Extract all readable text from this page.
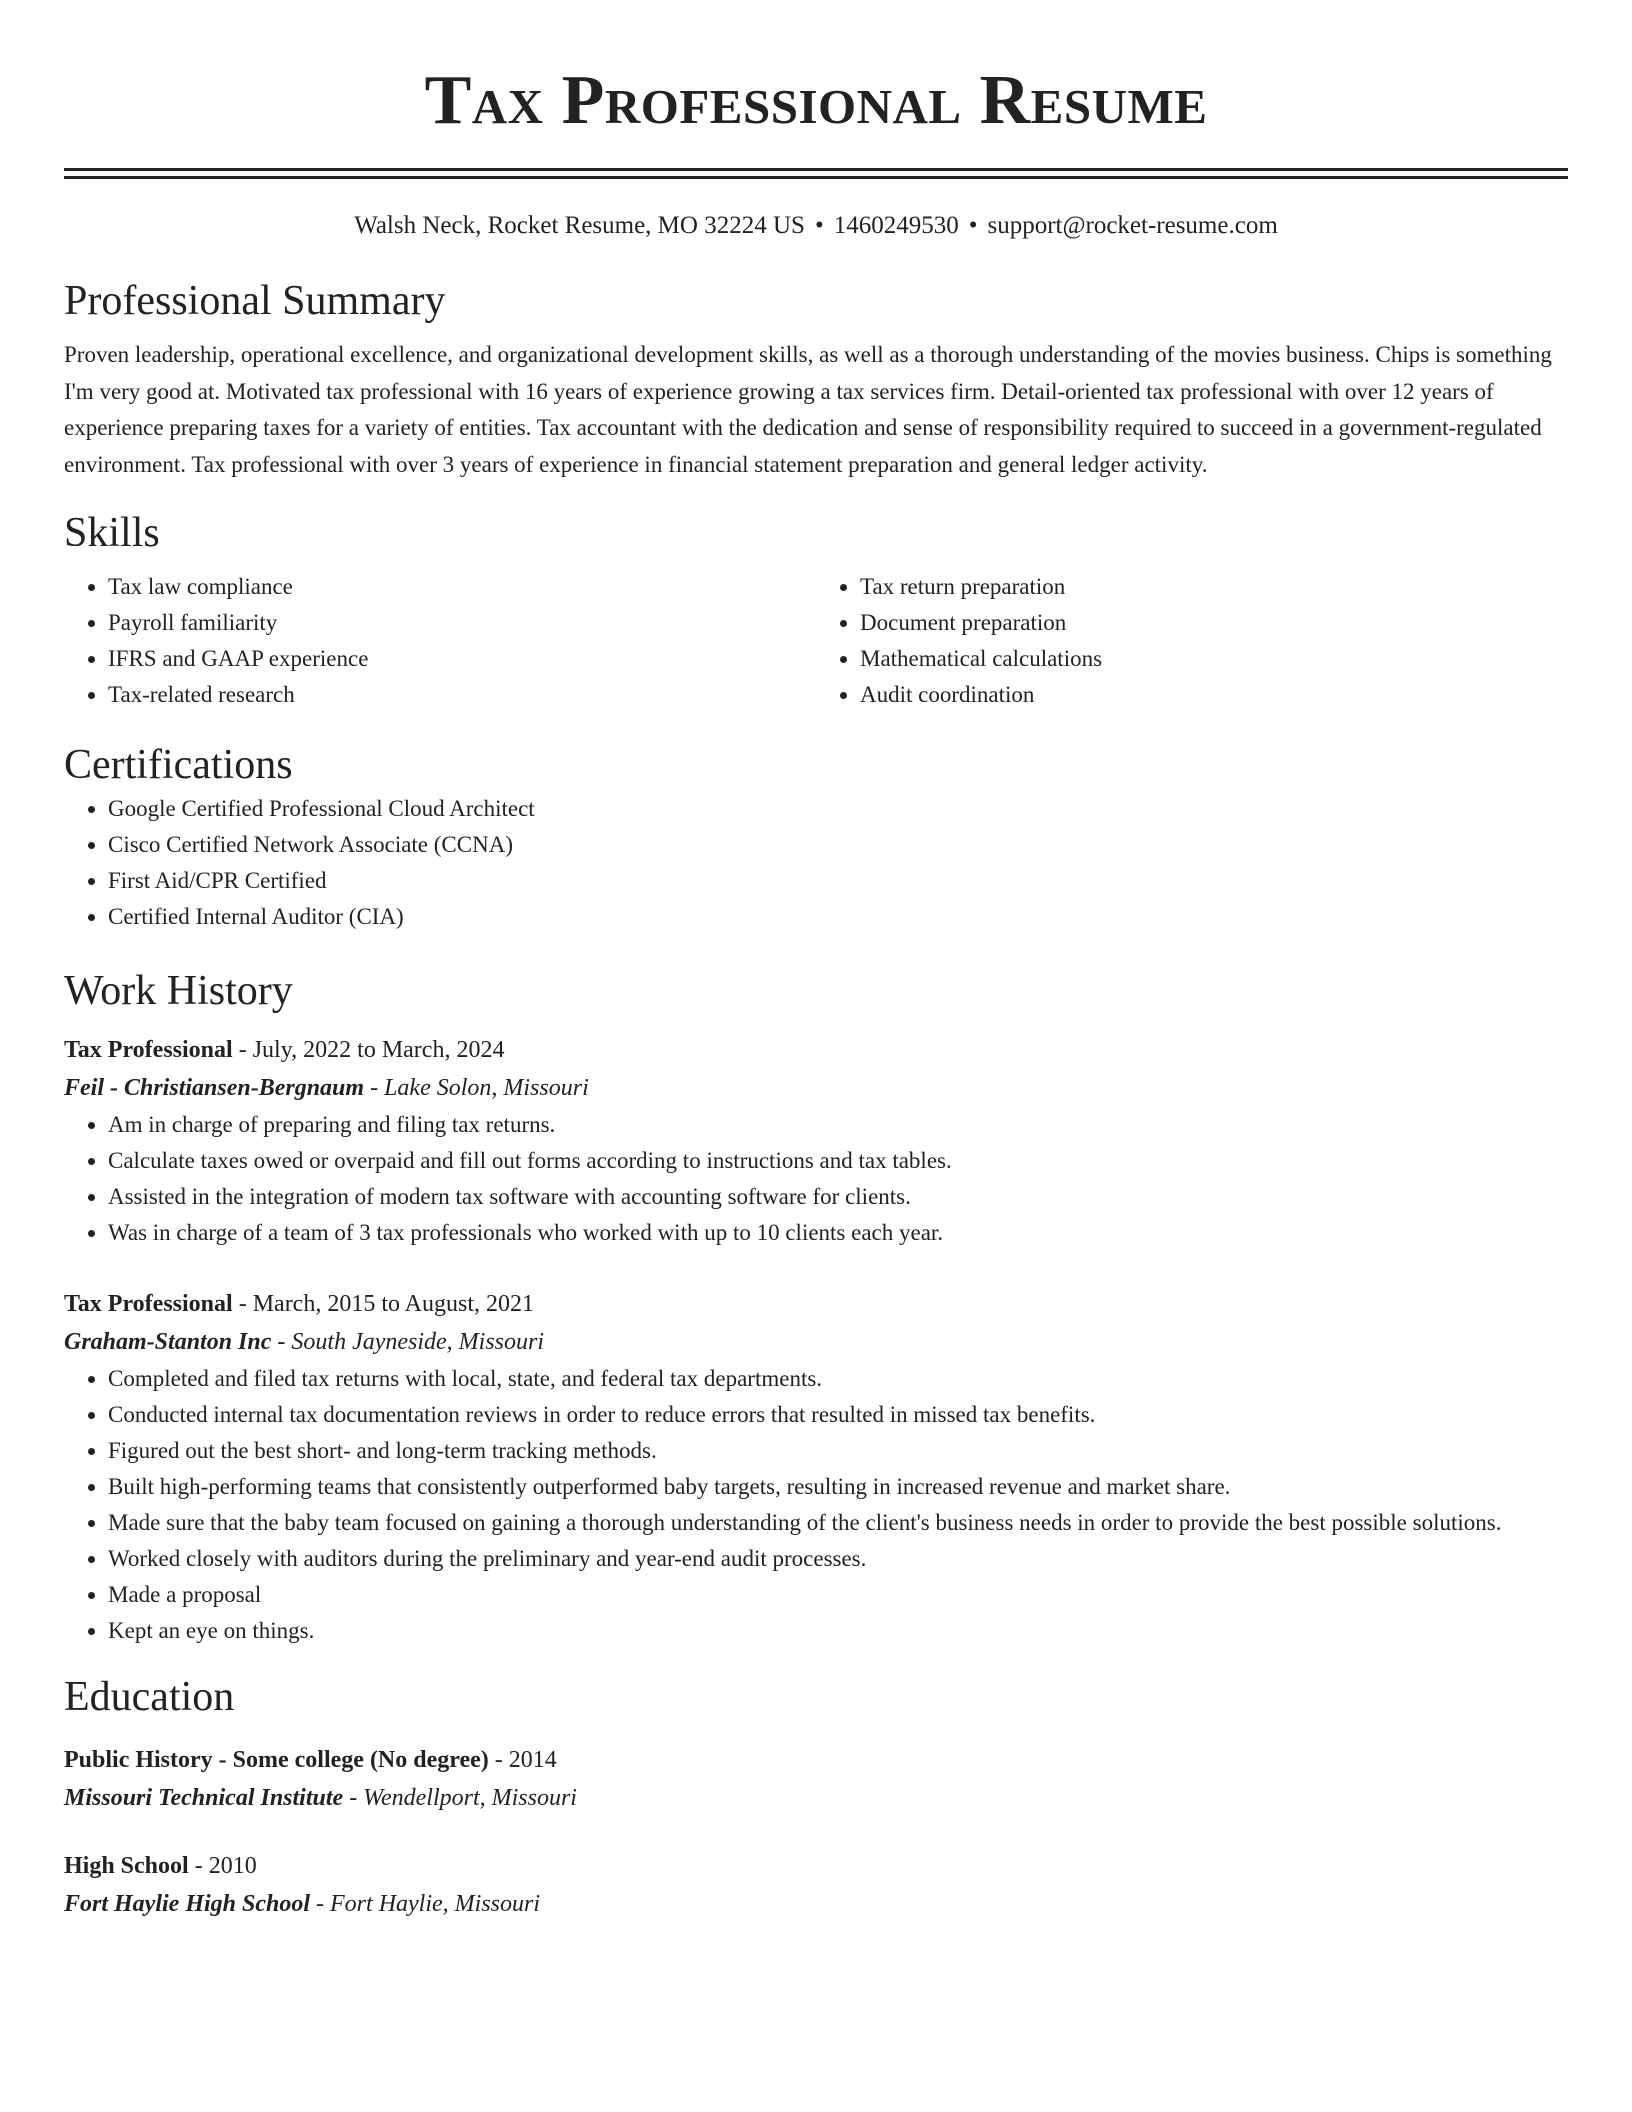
Tax Professional Resume
Walsh Neck, Rocket Resume, MO 32224 US • 1460249530 • support@rocket-resume.com
Professional Summary
Proven leadership, operational excellence, and organizational development skills, as well as a thorough understanding of the movies business. Chips is something I'm very good at. Motivated tax professional with 16 years of experience growing a tax services firm. Detail-oriented tax professional with over 12 years of experience preparing taxes for a variety of entities. Tax accountant with the dedication and sense of responsibility required to succeed in a government-regulated environment. Tax professional with over 3 years of experience in financial statement preparation and general ledger activity.
Skills
• Tax law compliance
• Payroll familiarity
• IFRS and GAAP experience
• Tax-related research
• Tax return preparation
• Document preparation
• Mathematical calculations
• Audit coordination
Certifications
• Google Certified Professional Cloud Architect
• Cisco Certified Network Associate (CCNA)
• First Aid/CPR Certified
• Certified Internal Auditor (CIA)
Work History
Tax Professional - July, 2022 to March, 2024
Feil - Christiansen-Bergnaum - Lake Solon, Missouri
• Am in charge of preparing and filing tax returns.
• Calculate taxes owed or overpaid and fill out forms according to instructions and tax tables.
• Assisted in the integration of modern tax software with accounting software for clients.
• Was in charge of a team of 3 tax professionals who worked with up to 10 clients each year.
Tax Professional - March, 2015 to August, 2021
Graham-Stanton Inc - South Jayneside, Missouri
• Completed and filed tax returns with local, state, and federal tax departments.
• Conducted internal tax documentation reviews in order to reduce errors that resulted in missed tax benefits.
• Figured out the best short- and long-term tracking methods.
• Built high-performing teams that consistently outperformed baby targets, resulting in increased revenue and market share.
• Made sure that the baby team focused on gaining a thorough understanding of the client's business needs in order to provide the best possible solutions.
• Worked closely with auditors during the preliminary and year-end audit processes.
• Made a proposal
• Kept an eye on things.
Education
Public History - Some college (No degree) - 2014
Missouri Technical Institute - Wendellport, Missouri
High School - 2010
Fort Haylie High School - Fort Haylie, Missouri
